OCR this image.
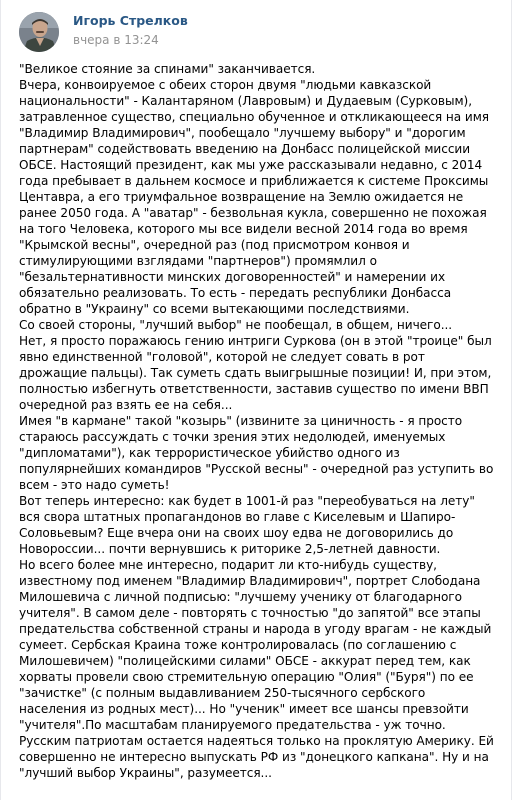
Игорь Стрелков
вчера в 13:24

"Великое стояние за спинами" заканчивается.

Вчера, конвоируемое с обеих сторон двумя "людьми кавказской национальности" - Калантаряном (Лавровым) и Дудаевым (Сурковым), затравленное существо, специально обученное и откликающееся на имя "Владимир Владимирович", пообещало "лучшему выбору" и "дорогим партнерам" содействовать введению на Донбасс полицейской миссии ОБСЕ. Настоящий президент, как мы уже рассказывали недавно, с 2014 года пребывает в дальнем космосе и приближается к системе Проксимы Центавра, а его триумфальное возвращение на Землю ожидается не ранее 2050 года. А "аватар" - безвольная кукла, совершенно не похожая на того Человека, которого мы все видели весной 2014 года во время "Крымской весны", очередной раз (под присмотром конвоя и стимулирующими взглядами "партнеров") промямлил о "безальтернативности минских договоренностей" и намерении их обязательно реализовать. То есть - передать республики Донбасса обратно в "Украину" со всеми вытекающими последствиями.

Со своей стороны, "лучший выбор" не пообещал, в общем, ничего...

Нет, я просто поражаюсь гению интриги Суркова (он в этой "троице" был явно единственной "головой", которой не следует совать в рот дрожащие пальцы). Так суметь сдать выигрышные позиции! И, при этом, полностью избегнуть ответственности, заставив существо по имени ВВП очередной раз взять ее на себя...

Имея "в кармане" такой "козырь" (извините за циничность - я просто стараюсь рассуждать с точки зрения этих недолюдей, именуемых "дипломатами"), как террористическое убийство одного из популярнейших командиров "Русской весны" - очередной раз уступить во всем - это надо суметь!

Вот теперь интересно: как будет в 1001-й раз "переобуваться на лету" вся свора штатных пропагандонов во главе с Киселевым и Шапиро-Соловьевым? Еще вчера они на своих шоу едва не договорились до Новороссии... почти вернувшись к риторике 2,5-летней давности.

Но всего более мне интересно, подарит ли кто-нибудь существу, известному под именем "Владимир Владимирович", портрет Слободана Милошевича с личной подписью: "лучшему ученику от благодарного учителя". В самом деле - повторять с точностью "до запятой" все этапы предательства собственной страны и народа в угоду врагам - не каждый сумеет. Сербская Краина тоже контролировалась (по соглашению с Милошевичем) "полицейскими силами" ОБСЕ - аккурат перед тем, как хорваты провели свою стремительную операцию "Олия" ("Буря") по ее "зачистке" (с полным выдавливанием 250-тысячного сербского населения из родных мест)... Но "ученик" имеет все шансы превзойти "учителя".По масштабам планируемого предательства - уж точно.

Русским патриотам остается надеяться только на проклятую Америку. Ей совершенно не интересно выпускать РФ из "донецкого капкана". Ну и на "лучший выбор Украины", разумеется...
